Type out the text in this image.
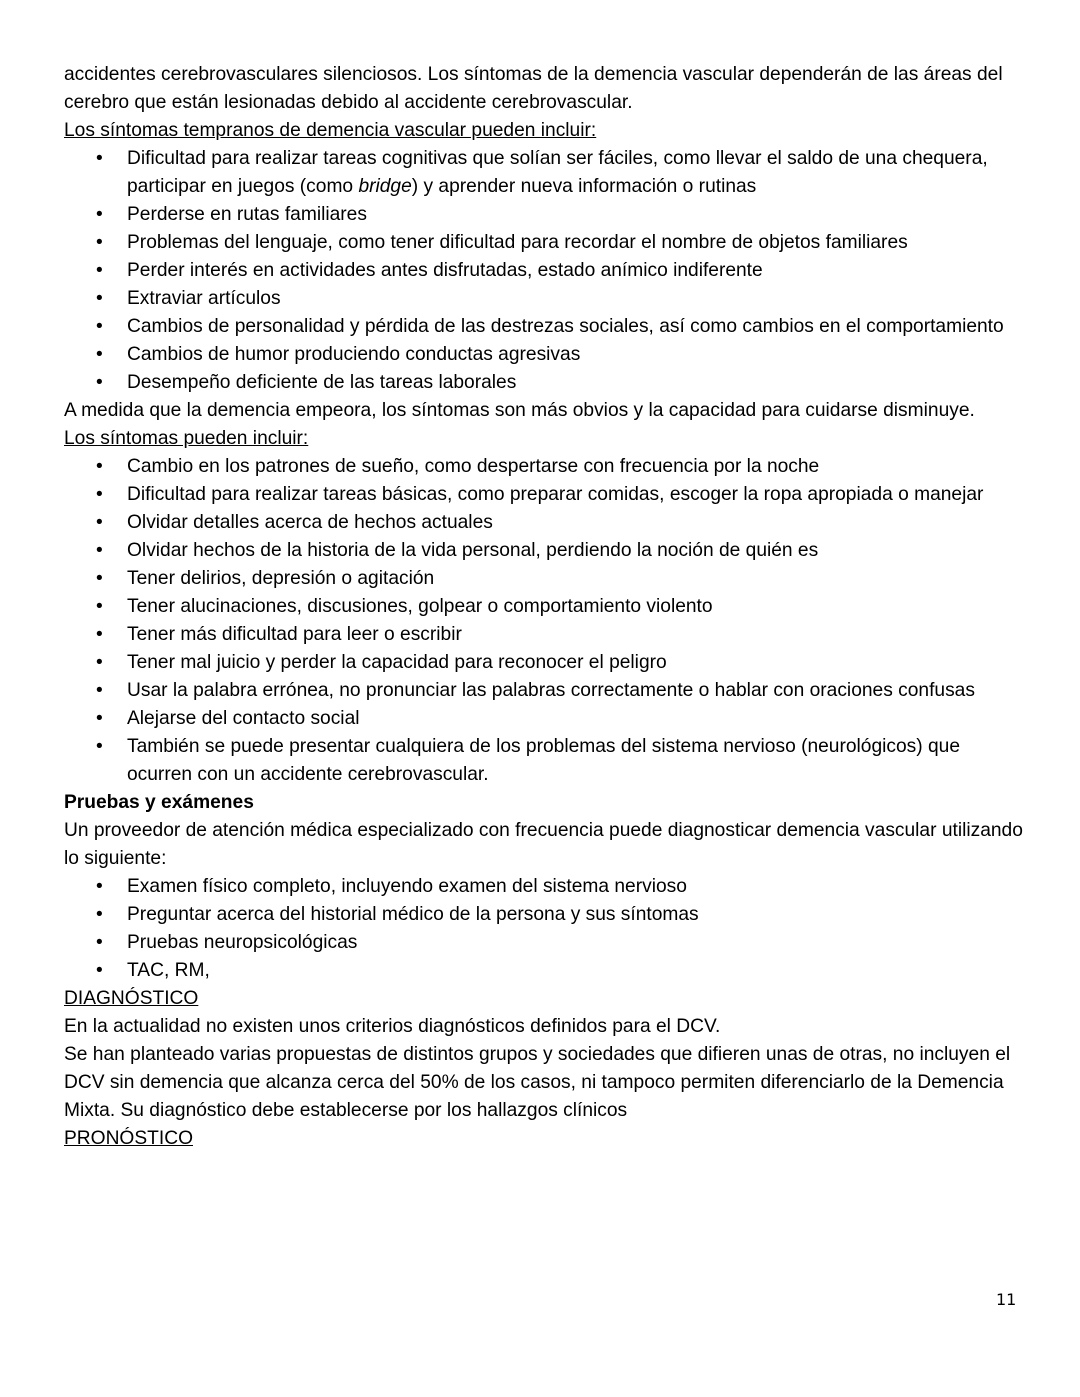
accidentes cerebrovasculares silenciosos. Los síntomas de la demencia vascular dependerán de las áreas del cerebro que están lesionadas debido al accidente cerebrovascular.

Los síntomas tempranos de demencia vascular pueden incluir:

• Dificultad para realizar tareas cognitivas que solían ser fáciles, como llevar el saldo de una chequera, participar en juegos (como bridge) y aprender nueva información o rutinas
• Perderse en rutas familiares
• Problemas del lenguaje, como tener dificultad para recordar el nombre de objetos familiares
• Perder interés en actividades antes disfrutadas, estado anímico indiferente
• Extraviar artículos
• Cambios de personalidad y pérdida de las destrezas sociales, así como cambios en el comportamiento
• Cambios de humor produciendo conductas agresivas
• Desempeño deficiente de las tareas laborales

A medida que la demencia empeora, los síntomas son más obvios y la capacidad para cuidarse disminuye.

Los síntomas pueden incluir:

• Cambio en los patrones de sueño, como despertarse con frecuencia por la noche
• Dificultad para realizar tareas básicas, como preparar comidas, escoger la ropa apropiada o manejar
• Olvidar detalles acerca de hechos actuales
• Olvidar hechos de la historia de la vida personal, perdiendo la noción de quién es
• Tener delirios, depresión o agitación
• Tener alucinaciones, discusiones, golpear o comportamiento violento
• Tener más dificultad para leer o escribir
• Tener mal juicio y perder la capacidad para reconocer el peligro
• Usar la palabra errónea, no pronunciar las palabras correctamente o hablar con oraciones confusas
• Alejarse del contacto social
• También se puede presentar cualquiera de los problemas del sistema nervioso (neurológicos) que ocurren con un accidente cerebrovascular.

Pruebas y exámenes

Un proveedor de atención médica especializado con frecuencia puede diagnosticar demencia vascular utilizando lo siguiente:

• Examen físico completo, incluyendo examen del sistema nervioso
• Preguntar acerca del historial médico de la persona y sus síntomas
• Pruebas neuropsicológicas
• TAC, RM,

DIAGNÓSTICO

En la actualidad no existen unos criterios diagnósticos definidos para el DCV.

Se han planteado varias propuestas de distintos grupos y sociedades que difieren unas de otras, no incluyen el DCV sin demencia que alcanza cerca del 50% de los casos, ni tampoco permiten diferenciarlo de la Demencia Mixta. Su diagnóstico debe establecerse por los hallazgos clínicos

PRONÓSTICO

11
